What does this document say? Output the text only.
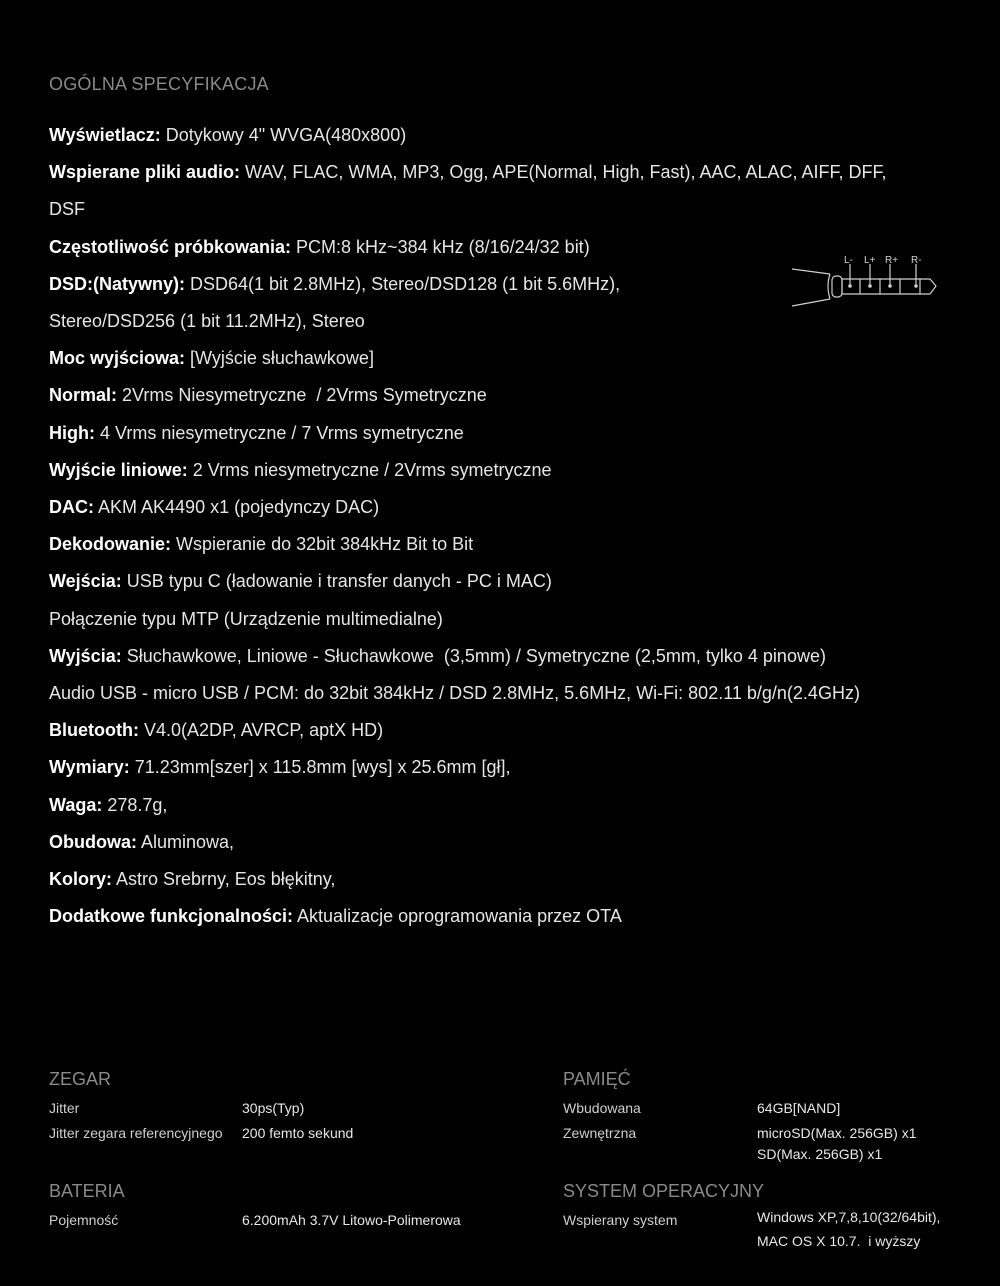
OGÓLNA SPECYFIKACJA
Wyświetlacz: Dotykowy 4" WVGA(480x800)
Wspierane pliki audio: WAV, FLAC, WMA, MP3, Ogg, APE(Normal, High, Fast), AAC, ALAC, AIFF, DFF,
DSF
Częstotliwość próbkowania: PCM:8 kHz~384 kHz (8/16/24/32 bit)
DSD:(Natywny): DSD64(1 bit 2.8MHz), Stereo/DSD128 (1 bit 5.6MHz),
Stereo/DSD256 (1 bit 11.2MHz), Stereo
Moc wyjściowa: [Wyjście słuchawkowe]
Normal: 2Vrms Niesymetryczne  / 2Vrms Symetryczne
High: 4 Vrms niesymetryczne / 7 Vrms symetryczne
Wyjście liniowe: 2 Vrms niesymetryczne / 2Vrms symetryczne
DAC: AKM AK4490 x1 (pojedynczy DAC)
Dekodowanie: Wspieranie do 32bit 384kHz Bit to Bit
Wejścia: USB typu C (ładowanie i transfer danych - PC i MAC)
Połączenie typu MTP (Urządzenie multimedialne)
Wyjścia: Słuchawkowe, Liniowe - Słuchawkowe  (3,5mm) / Symetryczne (2,5mm, tylko 4 pinowe)
Audio USB - micro USB / PCM: do 32bit 384kHz / DSD 2.8MHz, 5.6MHz, Wi-Fi: 802.11 b/g/n(2.4GHz)
Bluetooth: V4.0(A2DP, AVRCP, aptX HD)
Wymiary: 71.23mm[szer] x 115.8mm [wys] x 25.6mm [gł],
Waga: 278.7g,
Obudowa: Aluminowa,
Kolory: Astro Srebrny, Eos błękitny,
Dodatkowe funkcjonalności: Aktualizacje oprogramowania przez OTA
L- L+ R+ R-
ZEGAR
Jitter	30ps(Typ)
Jitter zegara referencyjnego 200 femto sekund
PAMIĘĆ
Wbudowana	64GB[NAND]
Zewnętrzna	microSD(Max. 256GB) x1
SD(Max. 256GB) x1
BATERIA
Pojemność	6.200mAh 3.7V Litowo-Polimerowa
SYSTEM OPERACYJNY
Wspierany system	Windows XP,7,8,10(32/64bit),
MAC OS X 10.7.  i wyższy
